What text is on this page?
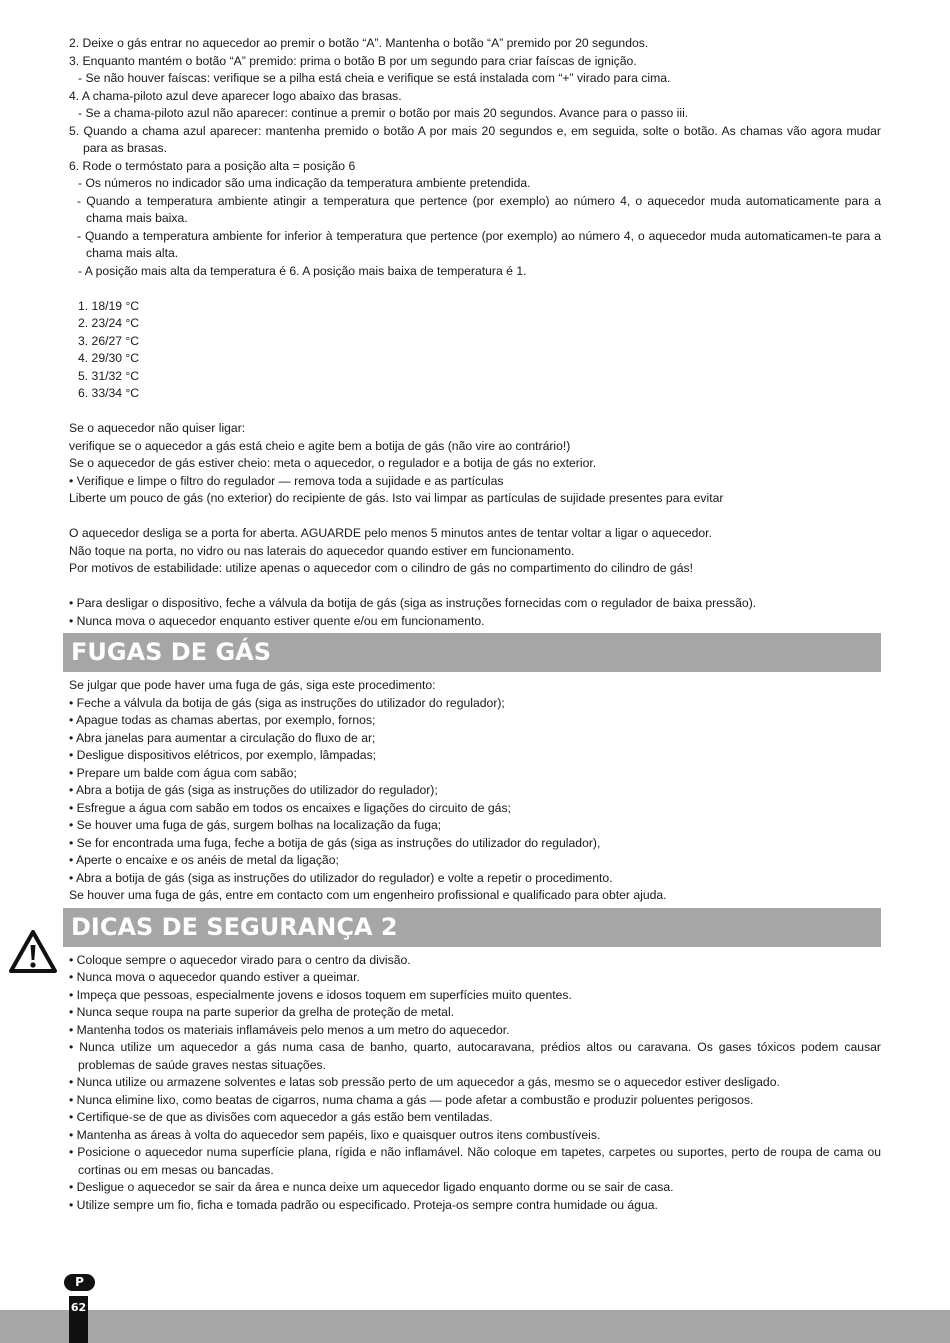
2. Deixe o gás entrar no aquecedor ao premir o botão “A”. Mantenha o botão “A” premido por 20 segundos.
3. Enquanto mantém o botão “A” premido: prima o botão B por um segundo para criar faíscas de ignição.
- Se não houver faíscas: verifique se a pilha está cheia e verifique se está instalada com “+” virado para cima.
4. A chama-piloto azul deve aparecer logo abaixo das brasas.
- Se a chama-piloto azul não aparecer: continue a premir o botão por mais 20 segundos. Avance para o passo iii.
5. Quando a chama azul aparecer: mantenha premido o botão A por mais 20 segundos e, em seguida, solte o botão. As chamas vão agora mudar para as brasas.
6. Rode o termóstato para a posição alta = posição 6
- Os números no indicador são uma indicação da temperatura ambiente pretendida.
- Quando a temperatura ambiente atingir a temperatura que pertence (por exemplo) ao número 4, o aquecedor muda automaticamente para a chama mais baixa.
- Quando a temperatura ambiente for inferior à temperatura que pertence (por exemplo) ao número 4, o aquecedor muda automaticamen-te para a chama mais alta.
- A posição mais alta da temperatura é 6. A posição mais baixa de temperatura é 1.
1. 18/19 °C
2. 23/24 °C
3. 26/27 °C
4. 29/30 °C
5. 31/32 °C
6. 33/34 °C
Se o aquecedor não quiser ligar:
verifique se o aquecedor a gás está cheio e agite bem a botija de gás (não vire ao contrário!)
Se o aquecedor de gás estiver cheio: meta o aquecedor, o regulador e a botija de gás no exterior.
• Verifique e limpe o filtro do regulador — remova toda a sujidade e as partículas
Liberte um pouco de gás (no exterior) do recipiente de gás. Isto vai limpar as partículas de sujidade presentes para evitar
O aquecedor desliga se a porta for aberta. AGUARDE pelo menos 5 minutos antes de tentar voltar a ligar o aquecedor.
Não toque na porta, no vidro ou nas laterais do aquecedor quando estiver em funcionamento.
Por motivos de estabilidade: utilize apenas o aquecedor com o cilindro de gás no compartimento do cilindro de gás!
• Para desligar o dispositivo, feche a válvula da botija de gás (siga as instruções fornecidas com o regulador de baixa pressão).
• Nunca mova o aquecedor enquanto estiver quente e/ou em funcionamento.
FUGAS DE GÁS
Se julgar que pode haver uma fuga de gás, siga este procedimento:
• Feche a válvula da botija de gás (siga as instruções do utilizador do regulador);
• Apague todas as chamas abertas, por exemplo, fornos;
• Abra janelas para aumentar a circulação do fluxo de ar;
• Desligue dispositivos elétricos, por exemplo, lâmpadas;
• Prepare um balde com água com sabão;
• Abra a botija de gás (siga as instruções do utilizador do regulador);
• Esfregue a água com sabão em todos os encaixes e ligações do circuito de gás;
• Se houver uma fuga de gás, surgem bolhas na localização da fuga;
• Se for encontrada uma fuga, feche a botija de gás (siga as instruções do utilizador do regulador),
• Aperte o encaixe e os anéis de metal da ligação;
• Abra a botija de gás (siga as instruções do utilizador do regulador) e volte a repetir o procedimento.
Se houver uma fuga de gás, entre em contacto com um engenheiro profissional e qualificado para obter ajuda.
DICAS DE SEGURANÇA 2
• Coloque sempre o aquecedor virado para o centro da divisão.
• Nunca mova o aquecedor quando estiver a queimar.
• Impeça que pessoas, especialmente jovens e idosos toquem em superfícies muito quentes.
• Nunca seque roupa na parte superior da grelha de proteção de metal.
• Mantenha todos os materiais inflamáveis pelo menos a um metro do aquecedor.
• Nunca utilize um aquecedor a gás numa casa de banho, quarto, autocaravana, prédios altos ou caravana. Os gases tóxicos podem causar problemas de saúde graves nestas situações.
• Nunca utilize ou armazene solventes e latas sob pressão perto de um aquecedor a gás, mesmo se o aquecedor estiver desligado.
• Nunca elimine lixo, como beatas de cigarros, numa chama a gás — pode afetar a combustão e produzir poluentes perigosos.
• Certifique-se de que as divisões com aquecedor a gás estão bem ventiladas.
• Mantenha as áreas à volta do aquecedor sem papéis, lixo e quaisquer outros itens combustíveis.
• Posicione o aquecedor numa superfície plana, rígida e não inflamável. Não coloque em tapetes, carpetes ou suportes, perto de roupa de cama ou cortinas ou em mesas ou bancadas.
• Desligue o aquecedor se sair da área e nunca deixe um aquecedor ligado enquanto dorme ou se sair de casa.
• Utilize sempre um fio, ficha e tomada padrão ou especificado. Proteja-os sempre contra humidade ou água.
P
62
